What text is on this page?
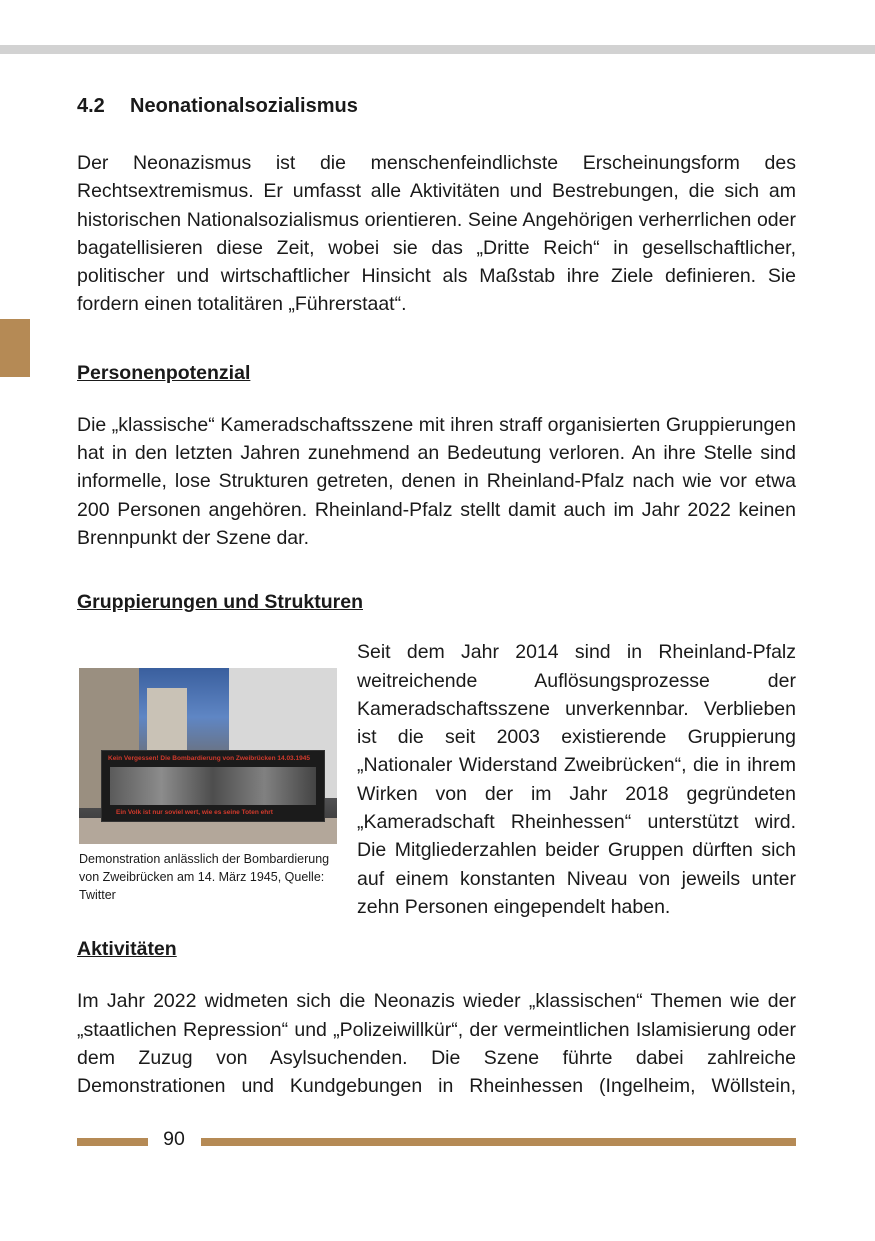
4.2 Neonationalsozialismus

Der Neonazismus ist die menschenfeindlichste Erscheinungsform des Rechtsextremismus. Er umfasst alle Aktivitäten und Bestrebungen, die sich am historischen Nationalsozialismus orientieren. Seine Angehörigen verherrlichen oder bagatellisieren diese Zeit, wobei sie das „Dritte Reich“ in gesellschaftlicher, politischer und wirtschaftlicher Hinsicht als Maßstab ihre Ziele definieren. Sie fordern einen totalitären „Führerstaat“.

Personenpotenzial

Die „klassische“ Kameradschaftsszene mit ihren straff organisierten Gruppierungen hat in den letzten Jahren zunehmend an Bedeutung verloren. An ihre Stelle sind informelle, lose Strukturen getreten, denen in Rheinland-Pfalz nach wie vor etwa 200 Personen angehören. Rheinland-Pfalz stellt damit auch im Jahr 2022 keinen Brennpunkt der Szene dar.

Gruppierungen und Strukturen
Kein Vergessen! Die Bombardierung von Zweibrücken 14.03.1945
Ein Volk ist nur soviel wert, wie es seine Toten ehrt
Demonstration anlässlich der Bombardierung von Zweibrücken am 14. März 1945, Quelle: Twitter

Seit dem Jahr 2014 sind in Rheinland-Pfalz weitreichende Auflösungsprozesse der Kameradschaftsszene unverkennbar. Verblieben ist die seit 2003 existierende Gruppierung „Nationaler Widerstand Zweibrücken“, die in ihrem Wirken von der im Jahr 2018 gegründeten „Kameradschaft Rheinhessen“ unterstützt wird. Die Mitgliederzahlen beider Gruppen dürften sich auf einem konstanten Niveau von jeweils unter zehn Personen eingependelt haben.

Aktivitäten

Im Jahr 2022 widmeten sich die Neonazis wieder „klassischen“ Themen wie der „staatlichen Repression“ und „Polizeiwillkür“, der vermeintlichen Islamisierung oder dem Zuzug von Asylsuchenden. Die Szene führte dabei zahlreiche Demonstrationen und Kundgebungen in Rheinhessen (Ingelheim, Wöllstein,

90
